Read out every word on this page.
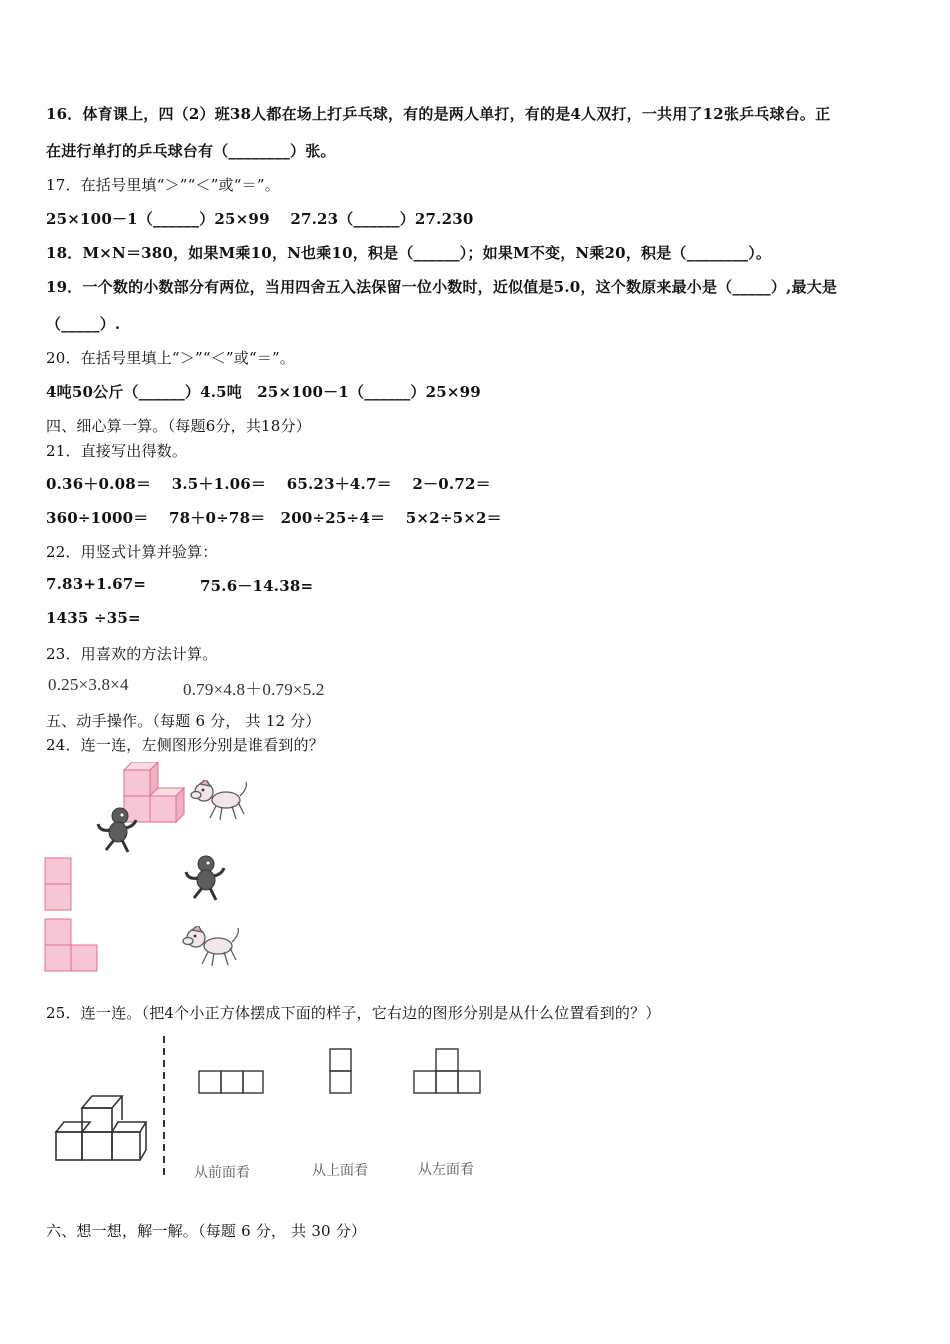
16．体育课上，四（2）班38人都在场上打乒乓球，有的是两人单打，有的是4人双打，一共用了12张乒乓球台。正
在进行单打的乒乓球台有（________）张。
17．在括号里填“＞”“＜”或“＝”。
25×100－1（______）25×99　 27.23（______）27.230
18．M×N＝380，如果M乘10，N也乘10，积是（______）；如果M不变，N乘20，积是（________）。
19．一个数的小数部分有两位，当用四舍五入法保留一位小数时，近似值是5.0，这个数原来最小是（_____）,最大是
（_____）.
20．在括号里填上“＞”“＜”或“＝”。
4吨50公斤（______）4.5吨　25×100－1（______）25×99
四、细心算一算。（每题6分，共18分）
21．直接写出得数。
0.36＋0.08＝　 3.5＋1.06＝　 65.23＋4.7＝　 2－0.72＝
360÷1000＝　 78＋0÷78＝　200÷25÷4＝　 5×2÷5×2＝
22．用竖式计算并验算：
7.83+1.67=	75.6－14.38=
1435 ÷35=
23．用喜欢的方法计算。
0.25×3.8×4	0.79×4.8＋0.79×5.2
五、动手操作。（每题 6 分， 共 12 分）
24．连一连，左侧图形分别是谁看到的？
25．连一连。（把4个小正方体摆成下面的样子，它右边的图形分别是从什么位置看到的？）
从前面看	从上面看	从左面看
六、想一想，解一解。（每题 6 分， 共 30 分）
